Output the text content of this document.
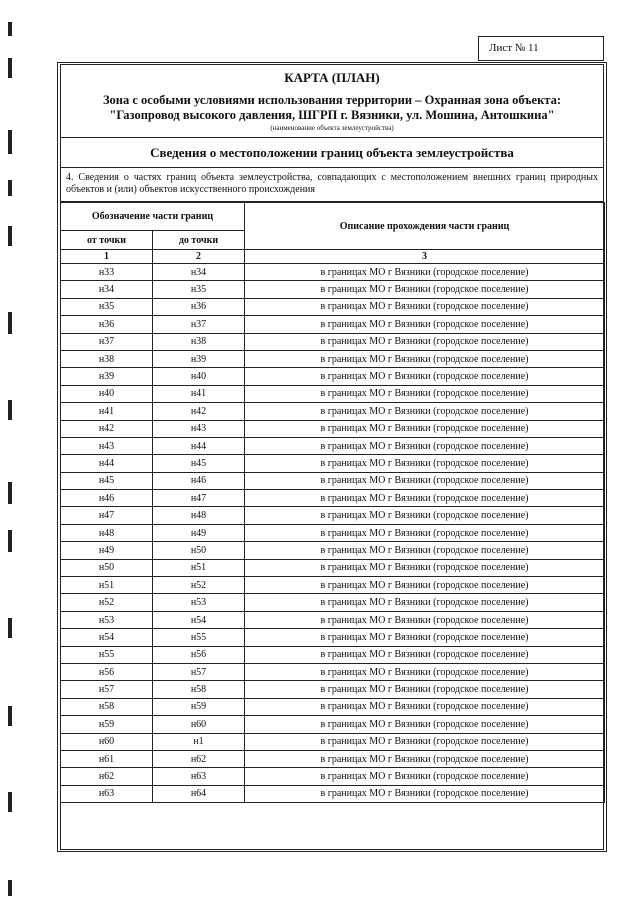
Лист № 11
КАРТА (ПЛАН)
Зона с особыми условиями использования территории – Охранная зона объекта:
"Газопровод высокого давления, ШГРП г. Вязники, ул. Мошина, Антошкина"
(наименование объекта землеустройства)
Сведения о местоположении границ объекта землеустройства
4. Сведения о частях границ объекта землеустройства, совпадающих с местоположением внешних границ природных объектов и (или) объектов искусственного происхождения
Обозначение части границ		Описание прохождения части границ
от точки	до точки	
1	2	3
н33	н34	в границах МО г Вязники (городское поселение)
н34	н35	в границах МО г Вязники (городское поселение)
н35	н36	в границах МО г Вязники (городское поселение)
н36	н37	в границах МО г Вязники (городское поселение)
н37	н38	в границах МО г Вязники (городское поселение)
н38	н39	в границах МО г Вязники (городское поселение)
н39	н40	в границах МО г Вязники (городское поселение)
н40	н41	в границах МО г Вязники (городское поселение)
н41	н42	в границах МО г Вязники (городское поселение)
н42	н43	в границах МО г Вязники (городское поселение)
н43	н44	в границах МО г Вязники (городское поселение)
н44	н45	в границах МО г Вязники (городское поселение)
н45	н46	в границах МО г Вязники (городское поселение)
н46	н47	в границах МО г Вязники (городское поселение)
н47	н48	в границах МО г Вязники (городское поселение)
н48	н49	в границах МО г Вязники (городское поселение)
н49	н50	в границах МО г Вязники (городское поселение)
н50	н51	в границах МО г Вязники (городское поселение)
н51	н52	в границах МО г Вязники (городское поселение)
н52	н53	в границах МО г Вязники (городское поселение)
н53	н54	в границах МО г Вязники (городское поселение)
н54	н55	в границах МО г Вязники (городское поселение)
н55	н56	в границах МО г Вязники (городское поселение)
н56	н57	в границах МО г Вязники (городское поселение)
н57	н58	в границах МО г Вязники (городское поселение)
н58	н59	в границах МО г Вязники (городское поселение)
н59	н60	в границах МО г Вязники (городское поселение)
н60	н1	в границах МО г Вязники (городское поселение)
н61	н62	в границах МО г Вязники (городское поселение)
н62	н63	в границах МО г Вязники (городское поселение)
н63	н64	в границах МО г Вязники (городское поселение)
